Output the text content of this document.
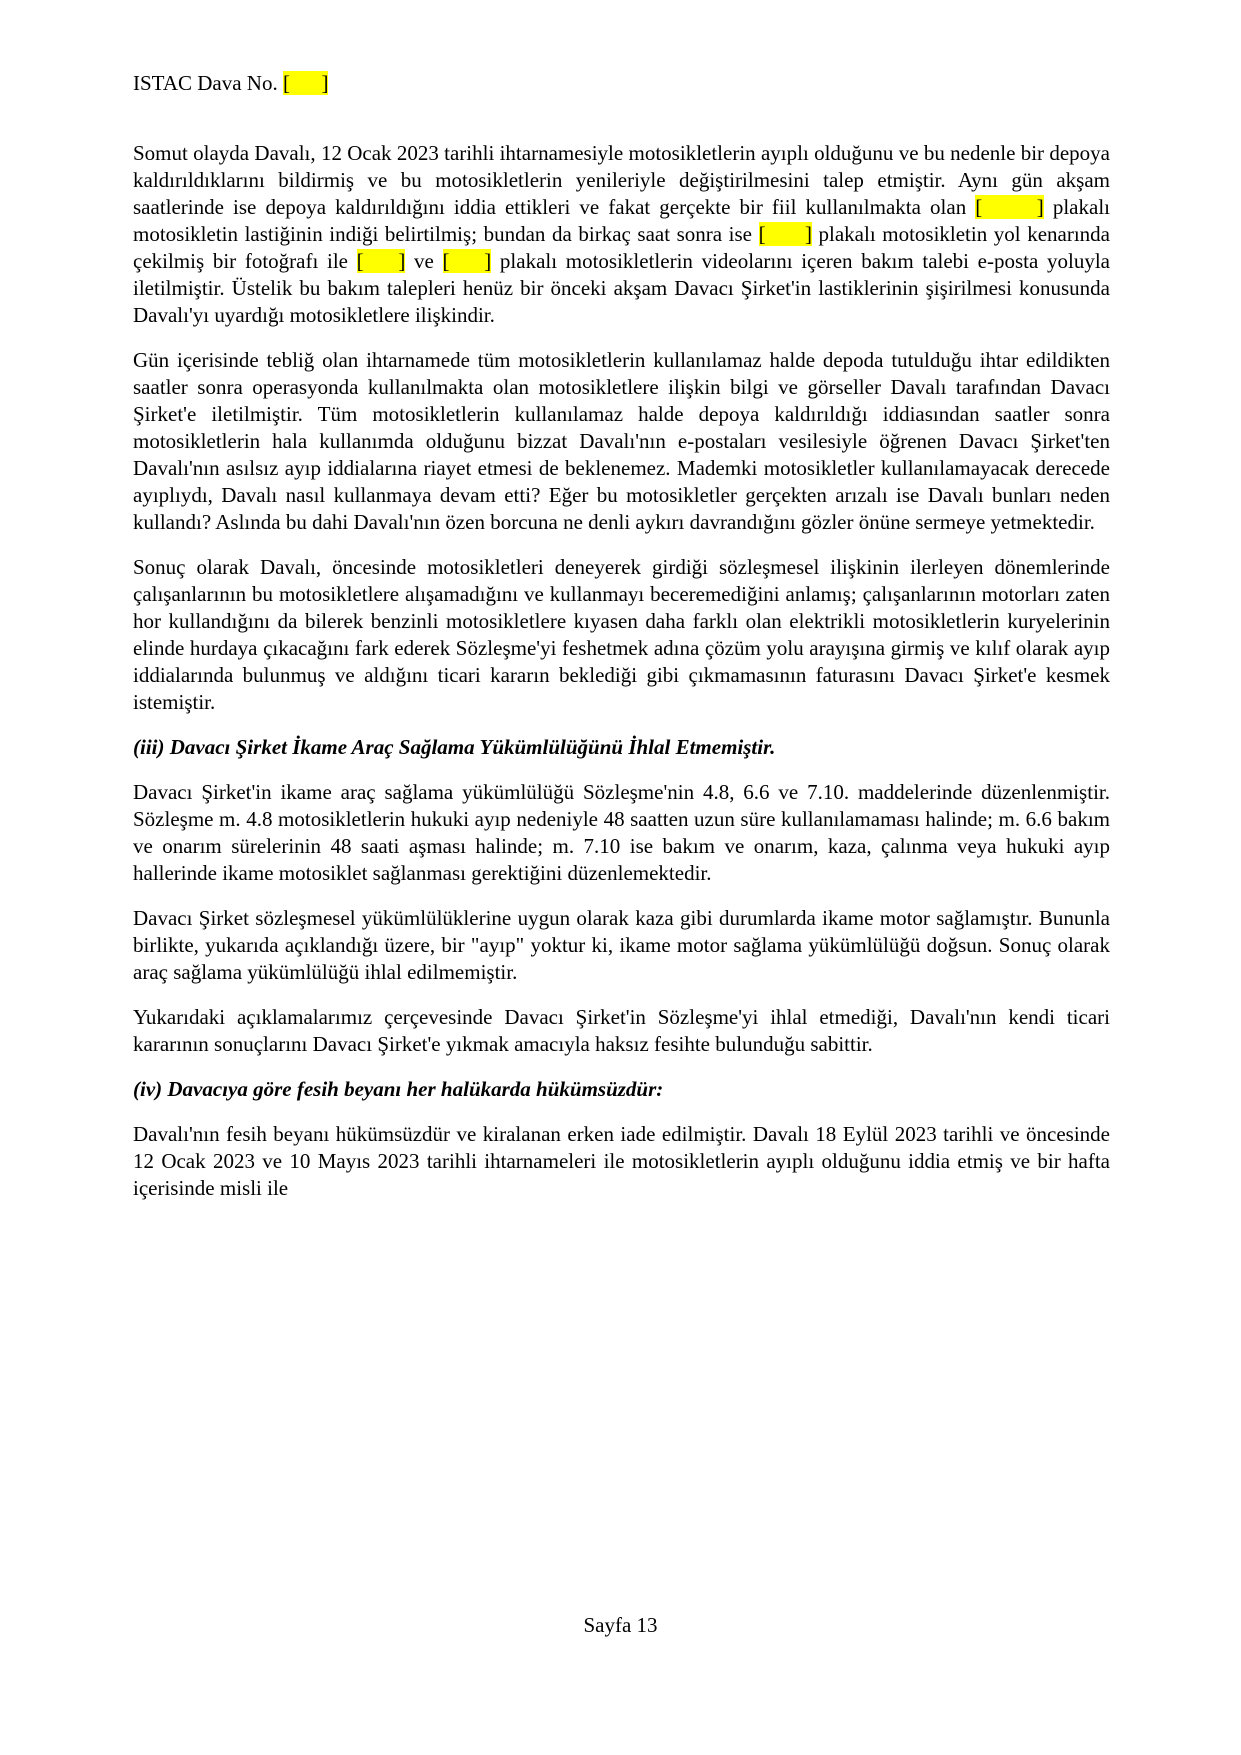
ISTAC Dava No. [      ]

Somut olayda Davalı, 12 Ocak 2023 tarihli ihtarnamesiyle motosikletlerin ayıplı olduğunu ve bu nedenle bir depoya kaldırıldıklarını bildirmiş ve bu motosikletlerin yenileriyle değiştirilmesini talep etmiştir. Aynı gün akşam saatlerinde ise depoya kaldırıldığını iddia ettikleri ve fakat gerçekte bir fiil kullanılmakta olan [      ] plakalı motosikletin lastiğinin indiği belirtilmiş; bundan da birkaç saat sonra ise [      ] plakalı motosikletin yol kenarında çekilmiş bir fotoğrafı ile [    ] ve [    ] plakalı motosikletlerin videolarını içeren bakım talebi e-posta yoluyla iletilmiştir. Üstelik bu bakım talepleri henüz bir önceki akşam Davacı Şirket'in lastiklerinin şişirilmesi konusunda Davalı'yı uyardığı motosikletlere ilişkindir.

Gün içerisinde tebliğ olan ihtarnamede tüm motosikletlerin kullanılamaz halde depoda tutulduğu ihtar edildikten saatler sonra operasyonda kullanılmakta olan motosikletlere ilişkin bilgi ve görseller Davalı tarafından Davacı Şirket'e iletilmiştir. Tüm motosikletlerin kullanılamaz halde depoya kaldırıldığı iddiasından saatler sonra motosikletlerin hala kullanımda olduğunu bizzat Davalı'nın e-postaları vesilesiyle öğrenen Davacı Şirket'ten Davalı'nın asılsız ayıp iddialarına riayet etmesi de beklenemez. Mademki motosikletler kullanılamayacak derecede ayıplıydı, Davalı nasıl kullanmaya devam etti? Eğer bu motosikletler gerçekten arızalı ise Davalı bunları neden kullandı? Aslında bu dahi Davalı'nın özen borcuna ne denli aykırı davrandığını gözler önüne sermeye yetmektedir.

Sonuç olarak Davalı, öncesinde motosikletleri deneyerek girdiği sözleşmesel ilişkinin ilerleyen dönemlerinde çalışanlarının bu motosikletlere alışamadığını ve kullanmayı beceremediğini anlamış; çalışanlarının motorları zaten hor kullandığını da bilerek benzinli motosikletlere kıyasen daha farklı olan elektrikli motosikletlerin kuryelerinin elinde hurdaya çıkacağını fark ederek Sözleşme'yi feshetmek adına çözüm yolu arayışına girmiş ve kılıf olarak ayıp iddialarında bulunmuş ve aldığını ticari kararın beklediği gibi çıkmamasının faturasını Davacı Şirket'e kesmek istemiştir.

(iii) Davacı Şirket İkame Araç Sağlama Yükümlülüğünü İhlal Etmemiştir.

Davacı Şirket'in ikame araç sağlama yükümlülüğü Sözleşme'nin 4.8, 6.6 ve 7.10. maddelerinde düzenlenmiştir. Sözleşme m. 4.8 motosikletlerin hukuki ayıp nedeniyle 48 saatten uzun süre kullanılamaması halinde; m. 6.6 bakım ve onarım sürelerinin 48 saati aşması halinde; m. 7.10 ise bakım ve onarım, kaza, çalınma veya hukuki ayıp hallerinde ikame motosiklet sağlanması gerektiğini düzenlemektedir.

Davacı Şirket sözleşmesel yükümlülüklerine uygun olarak kaza gibi durumlarda ikame motor sağlamıştır. Bununla birlikte, yukarıda açıklandığı üzere, bir "ayıp" yoktur ki, ikame motor sağlama yükümlülüğü doğsun. Sonuç olarak araç sağlama yükümlülüğü ihlal edilmemiştir.

Yukarıdaki açıklamalarımız çerçevesinde Davacı Şirket'in Sözleşme'yi ihlal etmediği, Davalı'nın kendi ticari kararının sonuçlarını Davacı Şirket'e yıkmak amacıyla haksız fesihte bulunduğu sabittir.

(iv) Davacıya göre fesih beyanı her halükarda hükümsüzdür:

Davalı'nın fesih beyanı hükümsüzdür ve kiralanan erken iade edilmiştir. Davalı 18 Eylül 2023 tarihli ve öncesinde 12 Ocak 2023 ve 10 Mayıs 2023 tarihli ihtarnameleri ile motosikletlerin ayıplı olduğunu iddia etmiş ve bir hafta içerisinde misli ile

Sayfa 13
